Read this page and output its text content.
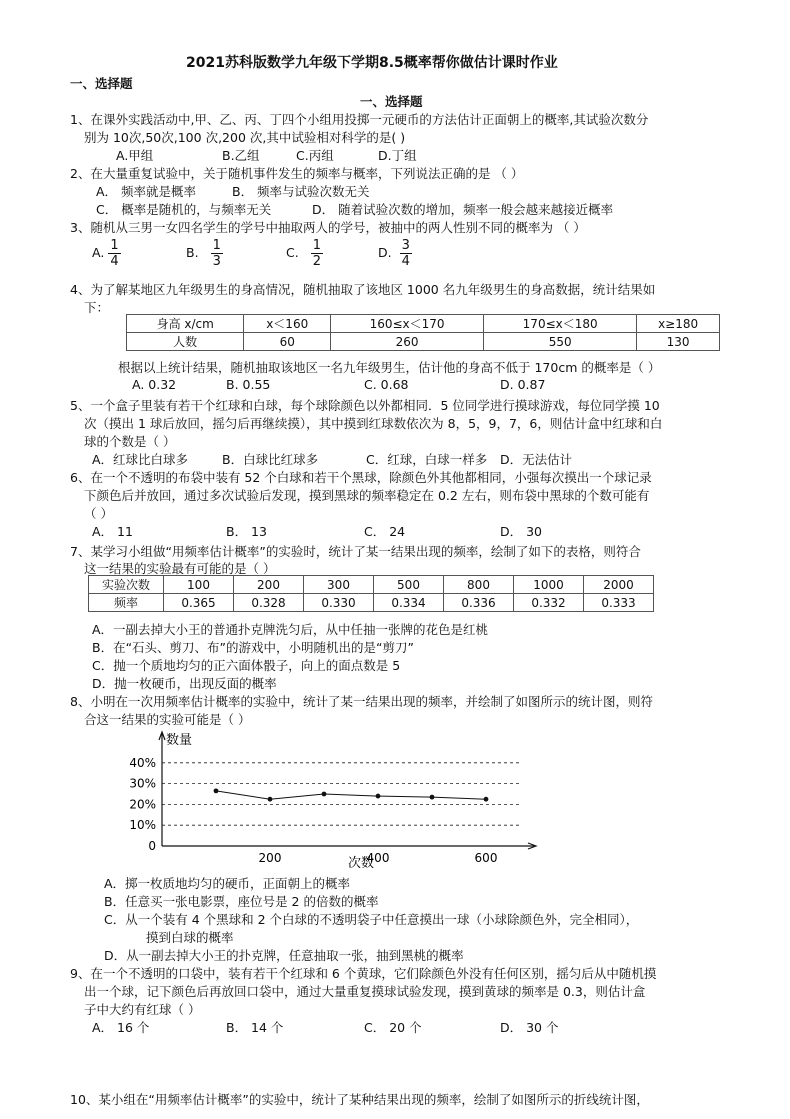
2021苏科版数学九年级下学期8.5概率帮你做估计课时作业
一、选择题
一、选择题
1、在课外实践活动中,甲、乙、丙、丁四个小组用投掷一元硬币的方法估计正面朝上的概率,其试验次数分
别为 10次,50次,100 次,200 次,其中试验相对科学的是( )
A.甲组	B.乙组	C.丙组	D.丁组
2、在大量重复试验中，关于随机事件发生的频率与概率，下列说法正确的是 （ ）
A． 频率就是概率	B． 频率与试验次数无关
C． 概率是随机的，与频率无关	D． 随着试验次数的增加，频率一般会越来越接近概率
3、随机从三男一女四名学生的学号中抽取两人的学号，被抽中的两人性别不同的概率为 （ ）
A. $\frac{1}{4}$	B. $\frac{1}{3}$	C. $\frac{1}{2}$	D. $\frac{3}{4}$
4、为了解某地区九年级男生的身高情况，随机抽取了该地区 1000 名九年级男生的身高数据，统计结果如
下：
身高 x/cm	x＜160	160≤x＜170	170≤x＜180	x≥180
人数	60	260	550	130
根据以上统计结果，随机抽取该地区一名九年级男生，估计他的身高不低于 170cm 的概率是（ ）
A. 0.32	B. 0.55	C. 0.68	D. 0.87
5、一个盒子里装有若干个红球和白球，每个球除颜色以外都相同．5 位同学进行摸球游戏，每位同学摸 10
次（摸出 1 球后放回，摇匀后再继续摸），其中摸到红球数依次为 8，5，9，7，6，则估计盒中红球和白
球的个数是（ ）
A．红球比白球多	B．白球比红球多	C．红球，白球一样多 D．无法估计
6、在一个不透明的布袋中装有 52 个白球和若干个黑球，除颜色外其他都相同，小强每次摸出一个球记录
下颜色后并放回，通过多次试验后发现，摸到黑球的频率稳定在 0.2 左右，则布袋中黑球的个数可能有
（ ）
A． 11	B． 13	C． 24	D． 30
7、某学习小组做“用频率估计概率”的实验时，统计了某一结果出现的频率，绘制了如下的表格，则符合
这一结果的实验最有可能的是（ ）
实验次数	100	200	300	500	800	1000	2000
频率	0.365	0.328	0.330	0.334	0.336	0.332	0.333
A．一副去掉大小王的普通扑克牌洗匀后，从中任抽一张牌的花色是红桃
B．在“石头、剪刀、布”的游戏中，小明随机出的是“剪刀”
C．抛一个质地均匀的正六面体骰子，向上的面点数是 5
D．抛一枚硬币，出现反面的概率
8、小明在一次用频率估计概率的实验中，统计了某一结果出现的频率，并绘制了如图所示的统计图，则符
合这一结果的实验可能是（ ）
0
10%
20%
30%
40%
200	400	600
数量
次数
A．掷一枚质地均匀的硬币，正面朝上的概率
B．任意买一张电影票，座位号是 2 的倍数的概率
C．从一个装有 4 个黑球和 2 个白球的不透明袋子中任意摸出一球（小球除颜色外，完全相同），
摸到白球的概率
D．从一副去掉大小王的扑克牌，任意抽取一张，抽到黑桃的概率
9、在一个不透明的口袋中，装有若干个红球和 6 个黄球，它们除颜色外没有任何区别，摇匀后从中随机摸
出一个球，记下颜色后再放回口袋中，通过大量重复摸球试验发现，摸到黄球的频率是 0.3，则估计盒
子中大约有红球（ ）
A． 16 个	B． 14 个	C． 20 个	D． 30 个
10、某小组在“用频率估计概率”的实验中，统计了某种结果出现的频率，绘制了如图所示的折线统计图，
